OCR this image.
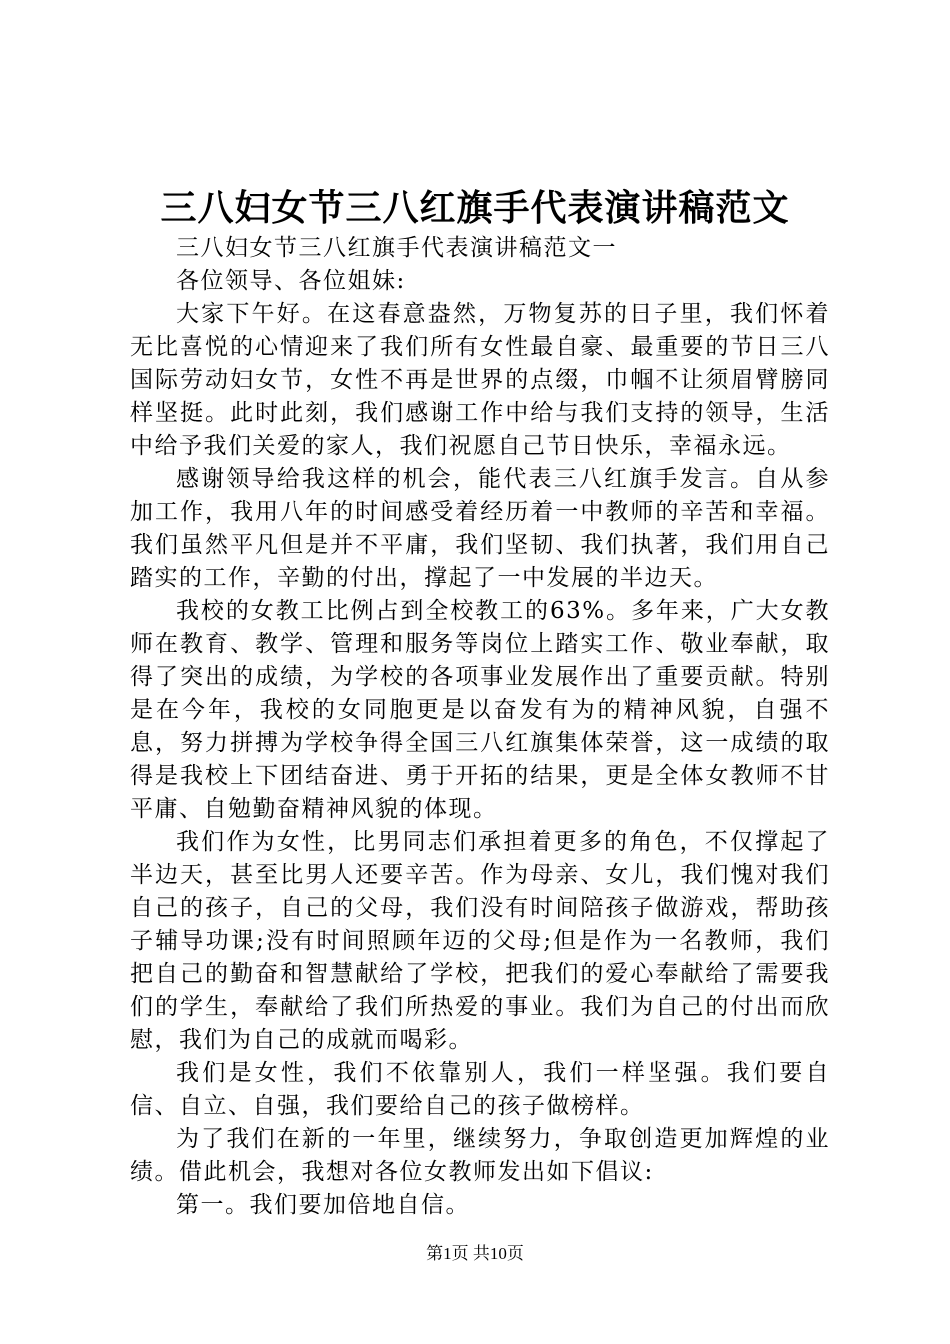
三八妇女节三八红旗手代表演讲稿范文

三八妇女节三八红旗手代表演讲稿范文一

各位领导、各位姐妹:

大家下午好。在这春意盎然，万物复苏的日子里，我们怀着无比喜悦的心情迎来了我们所有女性最自豪、最重要的节日三八国际劳动妇女节，女性不再是世界的点缀，巾帼不让须眉臂膀同样坚挺。此时此刻，我们感谢工作中给与我们支持的领导，生活中给予我们关爱的家人，我们祝愿自己节日快乐，幸福永远。

感谢领导给我这样的机会，能代表三八红旗手发言。自从参加工作，我用八年的时间感受着经历着一中教师的辛苦和幸福。我们虽然平凡但是并不平庸，我们坚韧、我们执著，我们用自己踏实的工作，辛勤的付出，撑起了一中发展的半边天。

我校的女教工比例占到全校教工的63%。多年来，广大女教师在教育、教学、管理和服务等岗位上踏实工作、敬业奉献，取得了突出的成绩，为学校的各项事业发展作出了重要贡献。特别是在今年，我校的女同胞更是以奋发有为的精神风貌，自强不息，努力拼搏为学校争得全国三八红旗集体荣誉，这一成绩的取得是我校上下团结奋进、勇于开拓的结果，更是全体女教师不甘平庸、自勉勤奋精神风貌的体现。

我们作为女性，比男同志们承担着更多的角色，不仅撑起了半边天，甚至比男人还要辛苦。作为母亲、女儿，我们愧对我们自己的孩子，自己的父母，我们没有时间陪孩子做游戏，帮助孩子辅导功课;没有时间照顾年迈的父母;但是作为一名教师，我们把自己的勤奋和智慧献给了学校，把我们的爱心奉献给了需要我们的学生，奉献给了我们所热爱的事业。我们为自己的付出而欣慰，我们为自己的成就而喝彩。

我们是女性，我们不依靠别人，我们一样坚强。我们要自信、自立、自强，我们要给自己的孩子做榜样。

为了我们在新的一年里，继续努力，争取创造更加辉煌的业绩。借此机会，我想对各位女教师发出如下倡议:

第一。我们要加倍地自信。

第1页 共10页
